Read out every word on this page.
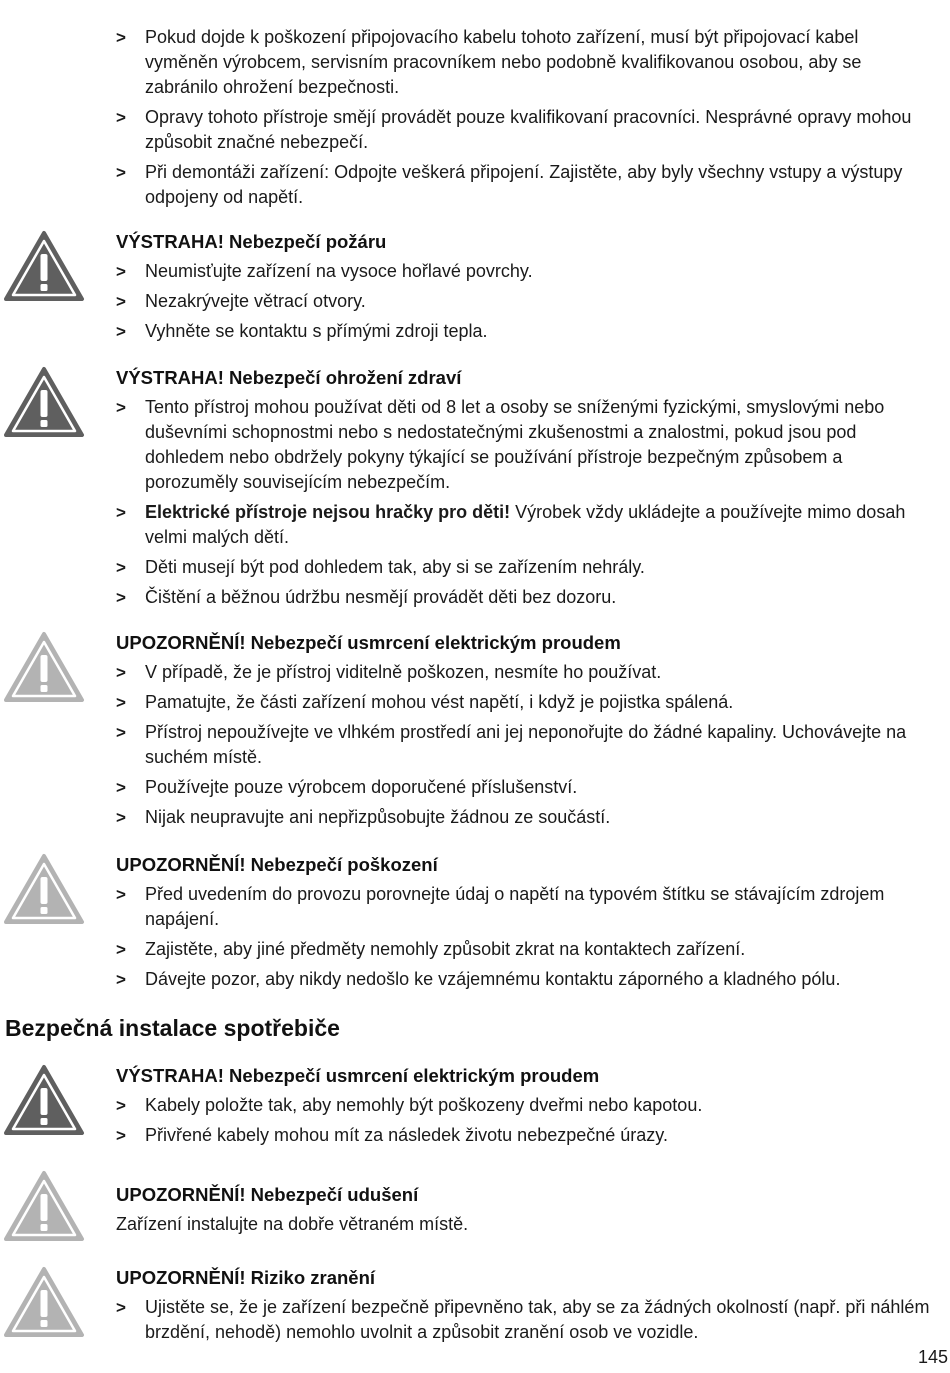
> Pokud dojde k poškození připojovacího kabelu tohoto zařízení, musí být připojovací kabel vyměněn výrobcem, servisním pracovníkem nebo podobně kvalifikovanou osobou, aby se zabránilo ohrožení bezpečnosti.
> Opravy tohoto přístroje smějí provádět pouze kvalifikovaní pracovníci. Nesprávné opravy mohou způsobit značné nebezpečí.
> Při demontáži zařízení: Odpojte veškerá připojení. Zajistěte, aby byly všechny vstupy a výstupy odpojeny od napětí.
VÝSTRAHA! Nebezpečí požáru
> Neumisťujte zařízení na vysoce hořlavé povrchy.
> Nezakrývejte větrací otvory.
> Vyhněte se kontaktu s přímými zdroji tepla.
VÝSTRAHA! Nebezpečí ohrožení zdraví
> Tento přístroj mohou používat děti od 8 let a osoby se sníženými fyzickými, smyslovými nebo duševními schopnostmi nebo s nedostatečnými zkušenostmi a znalostmi, pokud jsou pod dohledem nebo obdržely pokyny týkající se používání přístroje bezpečným způsobem a porozuměly souvisejícím nebezpečím.
> Elektrické přístroje nejsou hračky pro děti! Výrobek vždy ukládejte a používejte mimo dosah velmi malých dětí.
> Děti musejí být pod dohledem tak, aby si se zařízením nehrály.
> Čištění a běžnou údržbu nesmějí provádět děti bez dozoru.
UPOZORNĚNÍ! Nebezpečí usmrcení elektrickým proudem
> V případě, že je přístroj viditelně poškozen, nesmíte ho používat.
> Pamatujte, že části zařízení mohou vést napětí, i když je pojistka spálená.
> Přístroj nepoužívejte ve vlhkém prostředí ani jej neponořujte do žádné kapaliny. Uchovávejte na suchém místě.
> Používejte pouze výrobcem doporučené příslušenství.
> Nijak neupravujte ani nepřizpůsobujte žádnou ze součástí.
UPOZORNĚNÍ! Nebezpečí poškození
> Před uvedením do provozu porovnejte údaj o napětí na typovém štítku se stávajícím zdrojem napájení.
> Zajistěte, aby jiné předměty nemohly způsobit zkrat na kontaktech zařízení.
> Dávejte pozor, aby nikdy nedošlo ke vzájemnému kontaktu záporného a kladného pólu.
Bezpečná instalace spotřebiče
VÝSTRAHA! Nebezpečí usmrcení elektrickým proudem
> Kabely položte tak, aby nemohly být poškozeny dveřmi nebo kapotou.
> Přivřené kabely mohou mít za následek životu nebezpečné úrazy.
UPOZORNĚNÍ! Nebezpečí udušení

Zařízení instalujte na dobře větraném místě.

UPOZORNĚNÍ! Riziko zranění
> Ujistěte se, že je zařízení bezpečně připevněno tak, aby se za žádných okolností (např. při náhlém brzdění, nehodě) nemohlo uvolnit a způsobit zranění osob ve vozidle.
145
